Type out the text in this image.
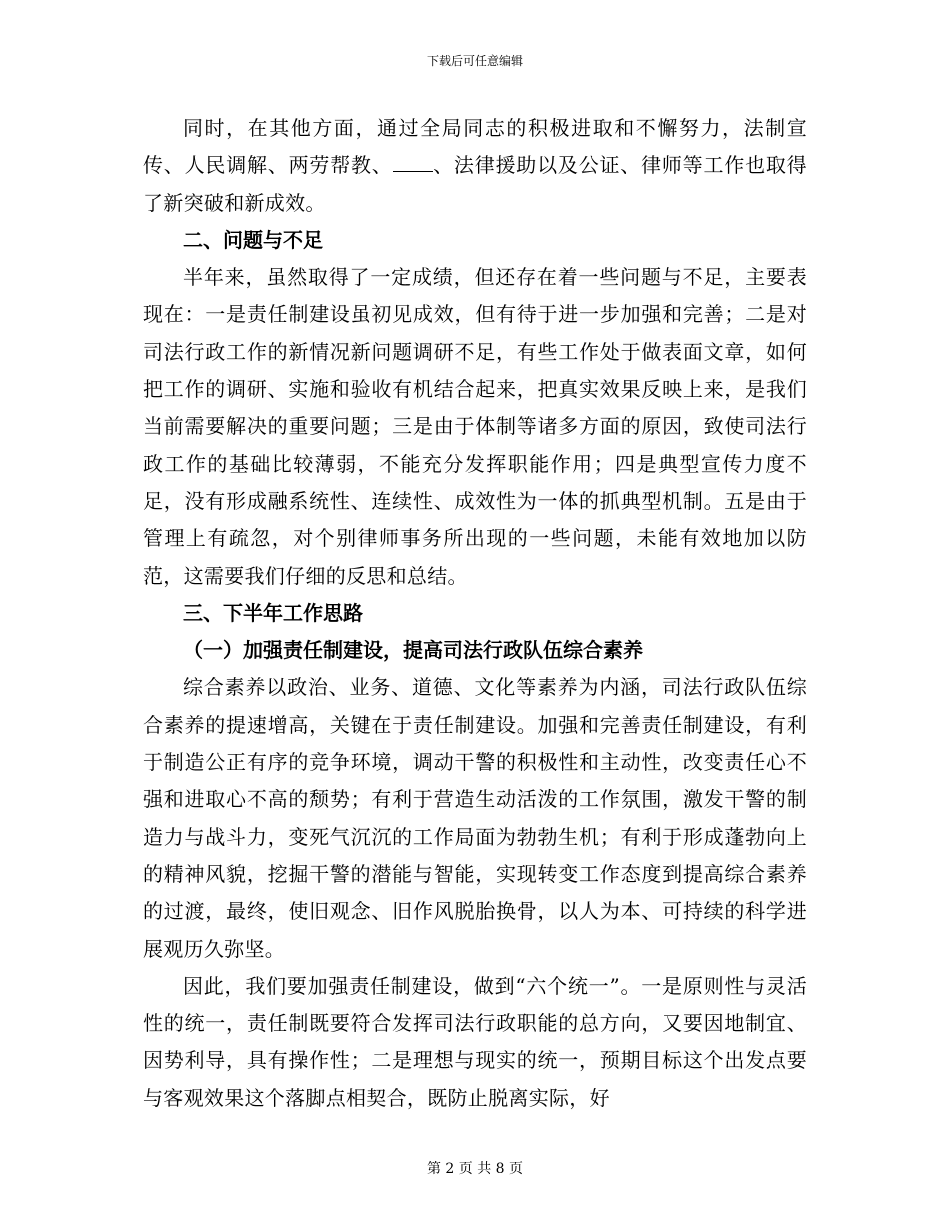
下载后可任意编辑

同时，在其他方面，通过全局同志的积极进取和不懈努力，法制宣传、人民调解、两劳帮教、 、法律援助以及公证、律师等工作也取得了新突破和新成效。

二、问题与不足

半年来，虽然取得了一定成绩，但还存在着一些问题与不足，主要表现在：一是责任制建设虽初见成效，但有待于进一步加强和完善；二是对司法行政工作的新情况新问题调研不足，有些工作处于做表面文章，如何把工作的调研、实施和验收有机结合起来，把真实效果反映上来，是我们当前需要解决的重要问题；三是由于体制等诸多方面的原因，致使司法行政工作的基础比较薄弱，不能充分发挥职能作用；四是典型宣传力度不足，没有形成融系统性、连续性、成效性为一体的抓典型机制。五是由于管理上有疏忽，对个别律师事务所出现的一些问题，未能有效地加以防范，这需要我们仔细的反思和总结。

三、下半年工作思路

（一）加强责任制建设，提高司法行政队伍综合素养

综合素养以政治、业务、道德、文化等素养为内涵，司法行政队伍综合素养的提速增高，关键在于责任制建设。加强和完善责任制建设，有利于制造公正有序的竞争环境，调动干警的积极性和主动性，改变责任心不强和进取心不高的颓势；有利于营造生动活泼的工作氛围，激发干警的制造力与战斗力，变死气沉沉的工作局面为勃勃生机；有利于形成蓬勃向上的精神风貌，挖掘干警的潜能与智能，实现转变工作态度到提高综合素养的过渡，最终，使旧观念、旧作风脱胎换骨，以人为本、可持续的科学进展观历久弥坚。

因此，我们要加强责任制建设，做到“六个统一”。一是原则性与灵活性的统一，责任制既要符合发挥司法行政职能的总方向，又要因地制宜、因势利导，具有操作性；二是理想与现实的统一，预期目标这个出发点要与客观效果这个落脚点相契合，既防止脱离实际，好

第 2 页 共 8 页
